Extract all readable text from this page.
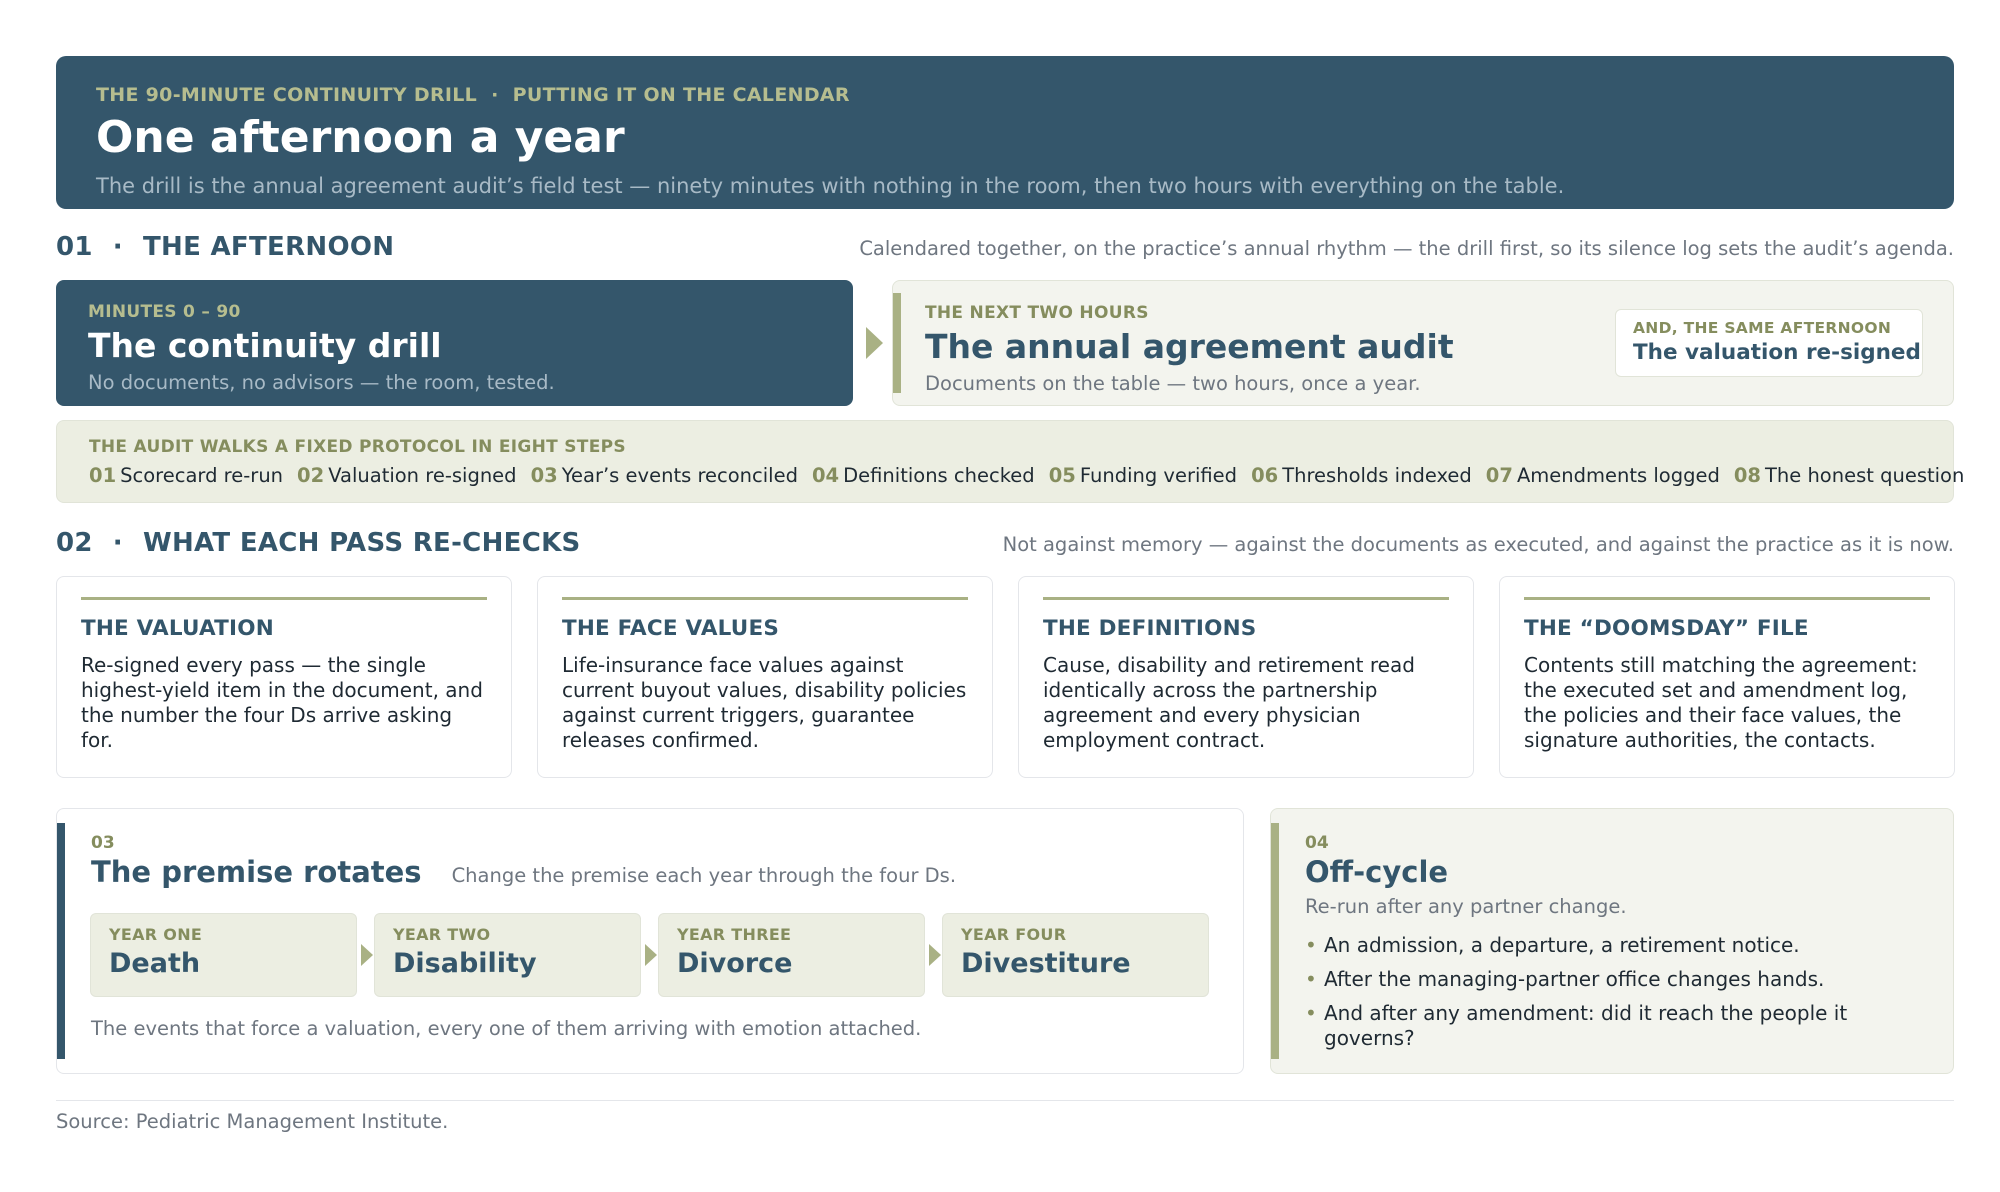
THE 90-MINUTE CONTINUITY DRILL · PUTTING IT ON THE CALENDAR
One afternoon a year
The drill is the annual agreement audit’s field test — ninety minutes with nothing in the room, then two hours with everything on the table.
01 · THE AFTERNOON	Calendared together, on the practice’s annual rhythm — the drill first, so its silence log sets the audit’s agenda.
MINUTES 0 – 90
The continuity drill
No documents, no advisors — the room, tested.
THE NEXT TWO HOURS
The annual agreement audit
Documents on the table — two hours, once a year.
AND, THE SAME AFTERNOON
The valuation re-signed
THE AUDIT WALKS A FIXED PROTOCOL IN EIGHT STEPS
01 Scorecard re-run 02 Valuation re-signed 03 Year’s events reconciled 04 Definitions checked 05 Funding verified 06 Thresholds indexed 07 Amendments logged 08 The honest question
02 · WHAT EACH PASS RE-CHECKS	Not against memory — against the documents as executed, and against the practice as it is now.
THE VALUATION
Re-signed every pass — the single highest-yield item in the document, and the number the four Ds arrive asking for.
THE FACE VALUES
Life-insurance face values against current buyout values, disability policies against current triggers, guarantee releases confirmed.
THE DEFINITIONS
Cause, disability and retirement read identically across the partnership agreement and every physician employment contract.
THE “DOOMSDAY” FILE
Contents still matching the agreement: the executed set and amendment log, the policies and their face values, the signature authorities, the contacts.
03
The premise rotates Change the premise each year through the four Ds.
YEAR ONE
Death
YEAR TWO
Disability
YEAR THREE
Divorce
YEAR FOUR
Divestiture
The events that force a valuation, every one of them arriving with emotion attached.
04
Off-cycle
Re-run after any partner change.
• An admission, a departure, a retirement notice.
• After the managing-partner office changes hands.
• And after any amendment: did it reach the people it governs?
Source: Pediatric Management Institute.
